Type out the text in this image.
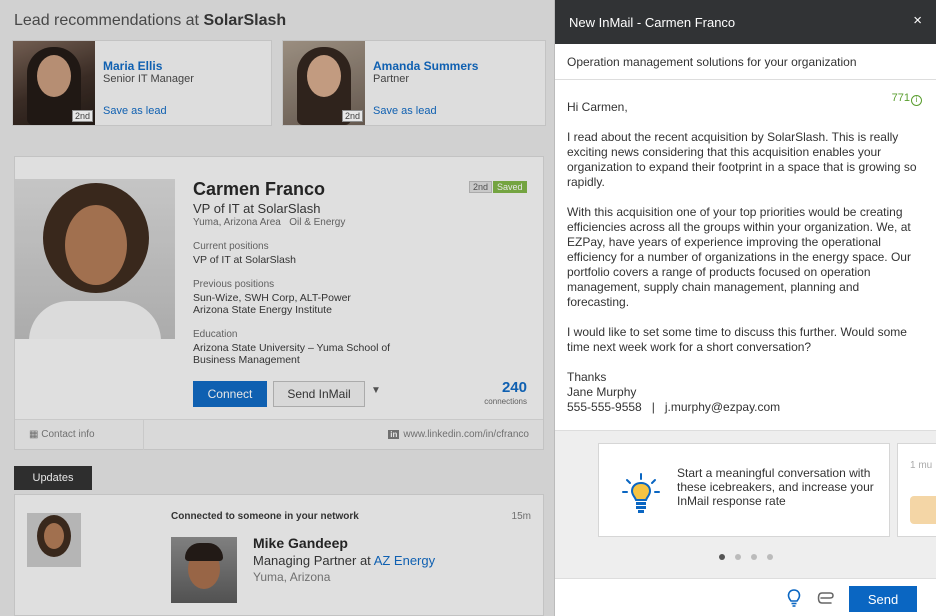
Lead recommendations at SolarSlash
2nd
Maria Ellis
Senior IT Manager
Save as lead	2nd
Amanda Summers
Partner
Save as lead
Carmen Franco	2nd Saved
VP of IT at SolarSlash
Yuma, Arizona Area Oil & Energy
Current positions
VP of IT at SolarSlash
Previous positions
Sun-Wize, SWH Corp, ALT-Power
Arizona State Energy Institute
Education
Arizona State University – Yuma School of
Business Management
Connect	Send InMail	▼	240
connections
▦ Contact info	in www.linkedin.com/in/cfranco
Updates
Connected to someone in your network	15m
Mike Gandeep
Managing Partner at AZ Energy
Yuma, Arizona
New InMail - Carmen Franco	×
Operation management solutions for your organization
771 i

Hi Carmen,

I read about the recent acquisition by SolarSlash. This is really exciting news considering that this acquisition enables your organization to expand their footprint in a space that is growing so rapidly.

With this acquisition one of your top priorities would be creating efficiencies across all the groups within your organization. We, at EZPay, have years of experience improving the operational efficiency for a number of organizations in the energy space. Our portfolio covers a range of products focused on operation management, supply chain management, planning and forecasting.

I would like to set some time to discuss this further. Would some time next week work for a short conversation?

Thanks

Jane Murphy

555-555-9558   |   j.murphy@ezpay.com

Start a meaningful conversation with these icebreakers, and increase your InMail response rate
1 mu
Send
